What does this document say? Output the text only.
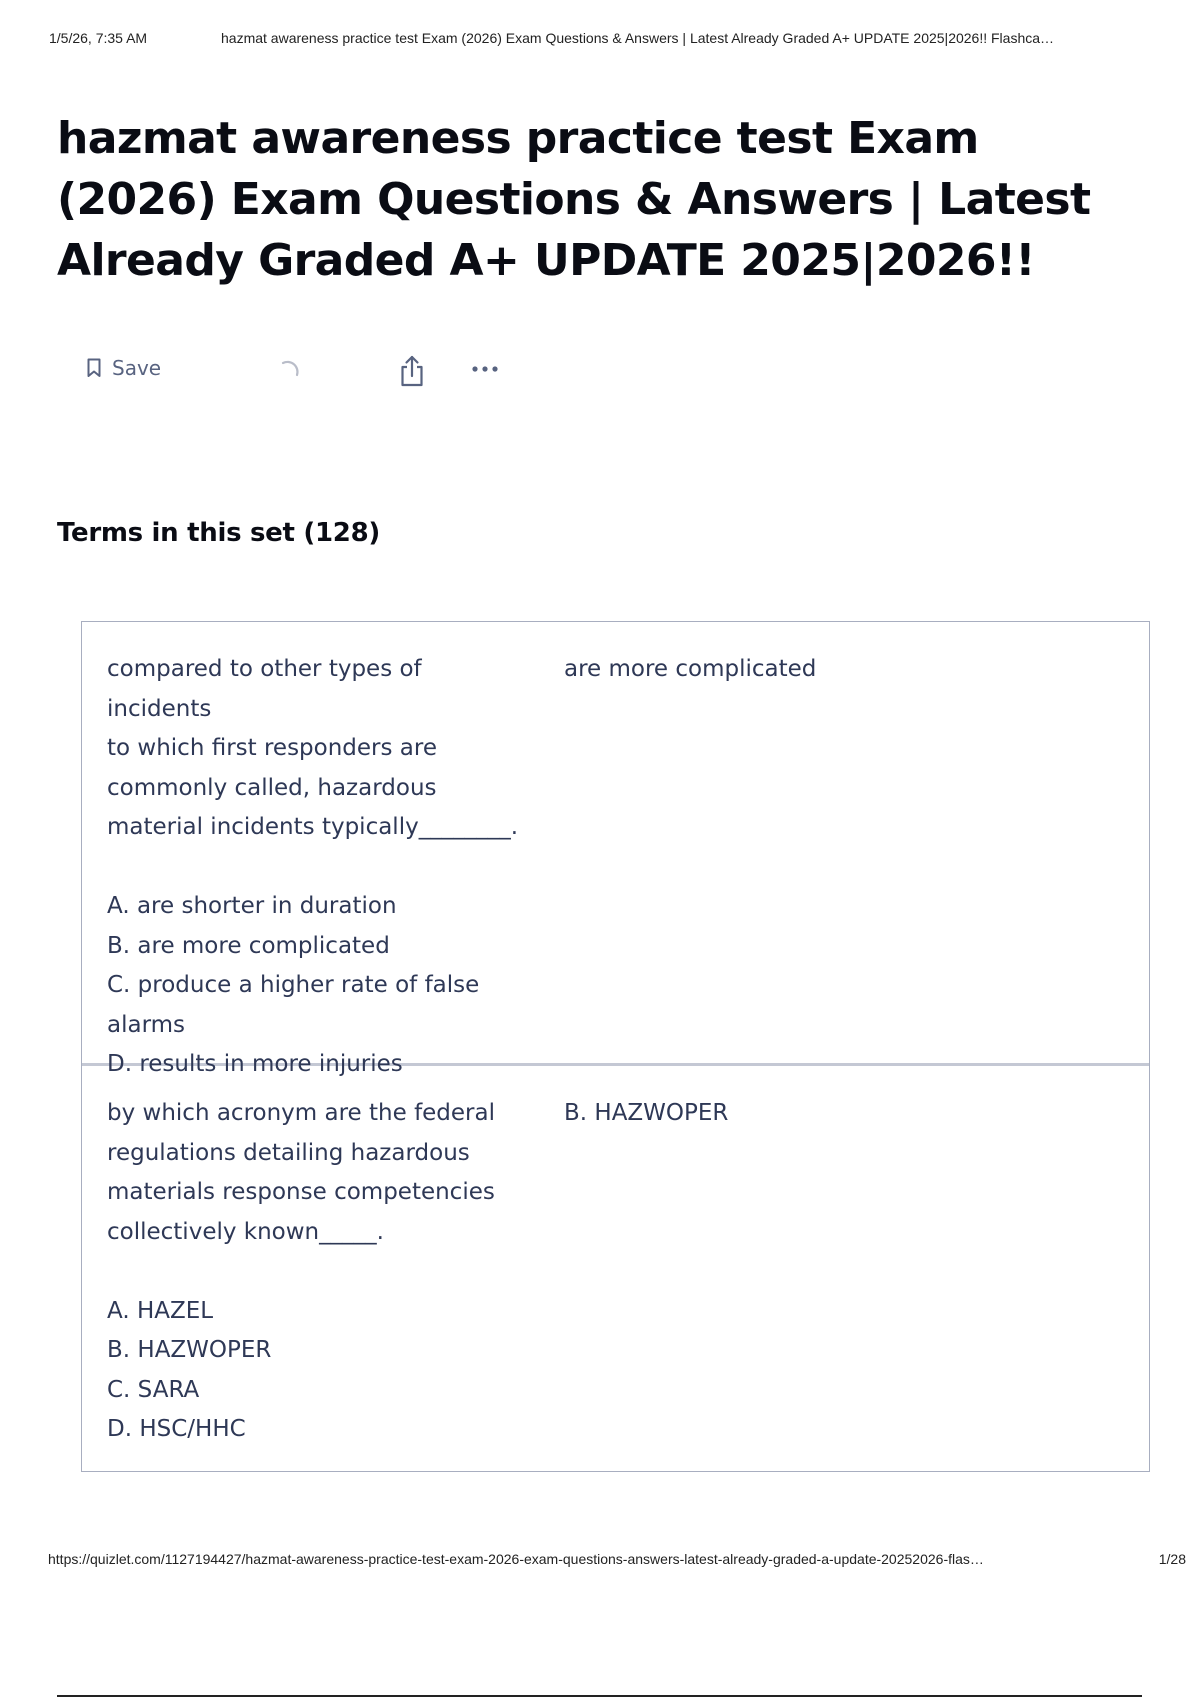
1/5/26, 7:35 AM	hazmat awareness practice test Exam (2026) Exam Questions & Answers | Latest Already Graded A+ UPDATE 2025|2026!! Flashca…
hazmat awareness practice test Exam (2026) Exam Questions & Answers | Latest Already Graded A+ UPDATE 2025|2026!!
Save
Terms in this set (128)
compared to other types of incidents
to which first responders are
commonly called, hazardous
material incidents typically________.

A. are shorter in duration
B. are more complicated
C. produce a higher rate of false
alarms
D. results in more injuries
are more complicated
by which acronym are the federal
regulations detailing hazardous
materials response competencies
collectively known_____.

A. HAZEL
B. HAZWOPER
C. SARA
D. HSC/HHC
B. HAZWOPER
https://quizlet.com/1127194427/hazmat-awareness-practice-test-exam-2026-exam-questions-answers-latest-already-graded-a-update-20252026-flas…	1/28
